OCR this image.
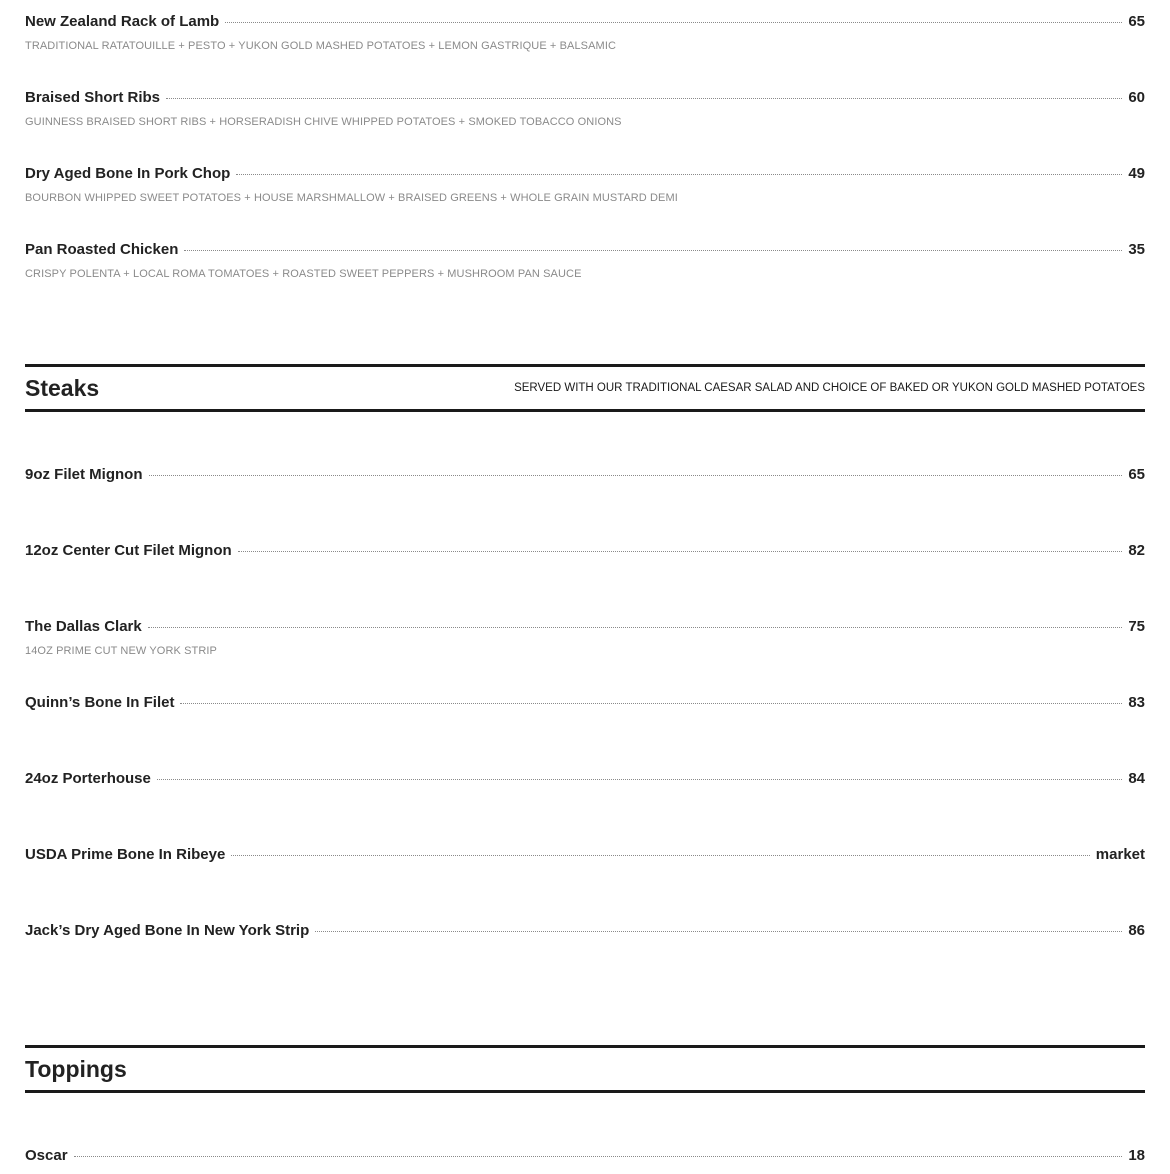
New Zealand Rack of Lamb	65
TRADITIONAL RATATOUILLE + PESTO + YUKON GOLD MASHED POTATOES + LEMON GASTRIQUE + BALSAMIC
Braised Short Ribs	60
GUINNESS BRAISED SHORT RIBS + HORSERADISH CHIVE WHIPPED POTATOES + SMOKED TOBACCO ONIONS
Dry Aged Bone In Pork Chop	49
BOURBON WHIPPED SWEET POTATOES + HOUSE MARSHMALLOW + BRAISED GREENS + WHOLE GRAIN MUSTARD DEMI
Pan Roasted Chicken	35
CRISPY POLENTA + LOCAL ROMA TOMATOES + ROASTED SWEET PEPPERS + MUSHROOM PAN SAUCE
Steaks	SERVED WITH OUR TRADITIONAL CAESAR SALAD AND CHOICE OF BAKED OR YUKON GOLD MASHED POTATOES
9oz Filet Mignon	65
12oz Center Cut Filet Mignon	82
The Dallas Clark	75
14OZ PRIME CUT NEW YORK STRIP
Quinn’s Bone In Filet	83
24oz Porterhouse	84
USDA Prime Bone In Ribeye	market
Jack’s Dry Aged Bone In New York Strip	86
Toppings
Oscar	18
